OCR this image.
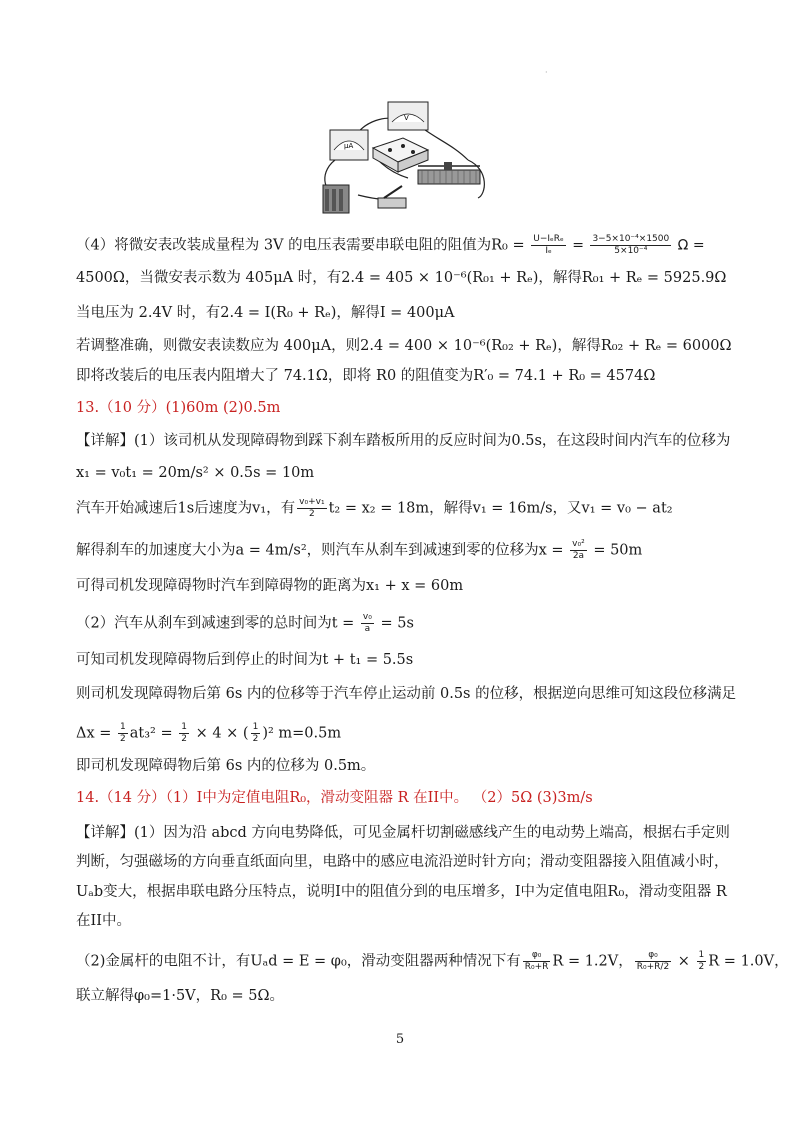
·
μA
V
（4）将微安表改装成量程为 3V 的电压表需要串联电阻的阻值为$R_0 = \frac{\text{U−IₑRₑ}}{\text{Iₑ}} = \frac{\text{3−5×10⁻⁴×1500}}{\text{5×10⁻⁴}}$ Ω =
4500Ω，当微安表示数为 405μA 时，有2.4 = 405 × 10⁻⁶(R₀₁ + Rₑ)，解得R₀₁ + Rₑ = 5925.9Ω
当电压为 2.4V 时，有2.4 = I(R₀ + Rₑ)，解得I = 400μA
若调整准确，则微安表读数应为 400μA，则2.4 = 400 × 10⁻⁶(R₀₂ + Rₑ)，解得R₀₂ + Rₑ = 6000Ω
即将改装后的电压表内阻增大了 74.1Ω，即将 R0 的阻值变为R′₀ = 74.1 + R₀ = 4574Ω
13.（10 分）(1)60m (2)0.5m
【详解】(1）该司机从发现障碍物到踩下刹车踏板所用的反应时间为0.5s，在这段时间内汽车的位移为
x₁ = v₀t₁ = 20m/s² × 0.5s = 10m
汽车开始减速后1s后速度为v₁，有 $\frac{\text{v₀+v₁}}{2} t_2 = x_2 = 18m$，解得v₁ = 16m/s，又v₁ = v₀ − at₂
解得刹车的加速度大小为a = 4m/s²，则汽车从刹车到减速到零的位移为$x = \frac{\text{v₀²}}{2a} = 50m$
可得司机发现障碍物时汽车到障碍物的距离为x₁ + x = 60m
（2）汽车从刹车到减速到零的总时间为$t = \frac{\text{v₀}}{a} = 5s$
可知司机发现障碍物后到停止的时间为t + t₁ = 5.5s
则司机发现障碍物后第 6s 内的位移等于汽车停止运动前 0.5s 的位移，根据逆向思维可知这段位移满足
$\Delta x = \frac{1}{2} at_3^2 = \frac{1}{2} \times 4$ × ( $\frac{1}{2} )^2$ m=0.5m
即司机发现障碍物后第 6s 内的位移为 0.5m。
14.（14 分）（1）I中为定值电阻R₀，滑动变阻器 R 在II中。 （2）5Ω (3)3m/s
【详解】(1）因为沿 abcd 方向电势降低，可见金属杆切割磁感线产生的电动势上端高，根据右手定则
判断，匀强磁场的方向垂直纸面向里，电路中的感应电流沿逆时针方向；滑动变阻器接入阻值减小时，
Uₐb变大，根据串联电路分压特点，说明I中的阻值分到的电压增多，I中为定值电阻R₀，滑动变阻器 R
在II中。
（2)金属杆的电阻不计，有Uₐd = E = φ₀，滑动变阻器两种情况下有 $\frac{\text{φ₀}}{\text{R₀+R}}$ R = 1.2V， $\frac{\text{φ₀}}{\text{R₀+R/2}} \times \frac{1}{2}$ R = 1.0V，
联立解得φ₀=1·5V，R₀ = 5Ω。
5
